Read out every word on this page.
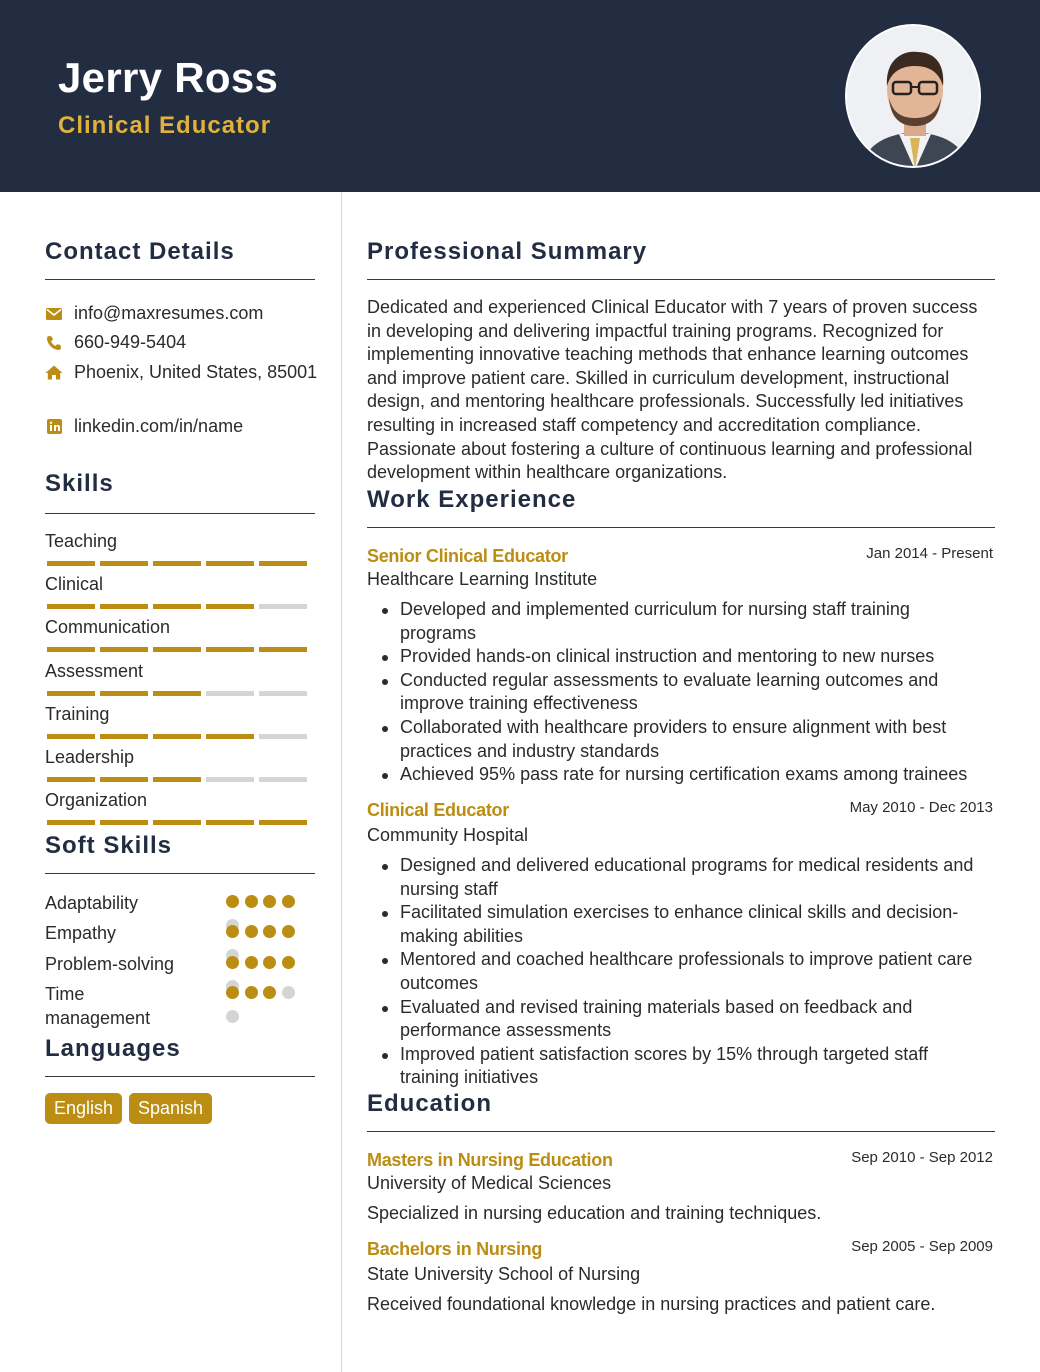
Jerry Ross
Clinical Educator
Contact Details
info@maxresumes.com
660-949-5404
Phoenix, United States, 85001
linkedin.com/in/name
Skills
Teaching
Clinical
Communication
Assessment
Training
Leadership
Organization
Soft Skills
Adaptability
Empathy
Problem-solving
Time management
Languages
English	Spanish
Professional Summary
Dedicated and experienced Clinical Educator with 7 years of proven success in developing and delivering impactful training programs. Recognized for implementing innovative teaching methods that enhance learning outcomes and improve patient care. Skilled in curriculum development, instructional design, and mentoring healthcare professionals. Successfully led initiatives resulting in increased staff competency and accreditation compliance. Passionate about fostering a culture of continuous learning and professional development within healthcare organizations.
Work Experience
Senior Clinical Educator	Jan 2014 - Present
Healthcare Learning Institute
Developed and implemented curriculum for nursing staff training programs
Provided hands-on clinical instruction and mentoring to new nurses
Conducted regular assessments to evaluate learning outcomes and improve training effectiveness
Collaborated with healthcare providers to ensure alignment with best practices and industry standards
Achieved 95% pass rate for nursing certification exams among trainees
Clinical Educator	May 2010 - Dec 2013
Community Hospital
Designed and delivered educational programs for medical residents and nursing staff
Facilitated simulation exercises to enhance clinical skills and decision-making abilities
Mentored and coached healthcare professionals to improve patient care outcomes
Evaluated and revised training materials based on feedback and performance assessments
Improved patient satisfaction scores by 15% through targeted staff training initiatives
Education
Masters in Nursing Education	Sep 2010 - Sep 2012
University of Medical Sciences
Specialized in nursing education and training techniques.
Bachelors in Nursing	Sep 2005 - Sep 2009
State University School of Nursing
Received foundational knowledge in nursing practices and patient care.
